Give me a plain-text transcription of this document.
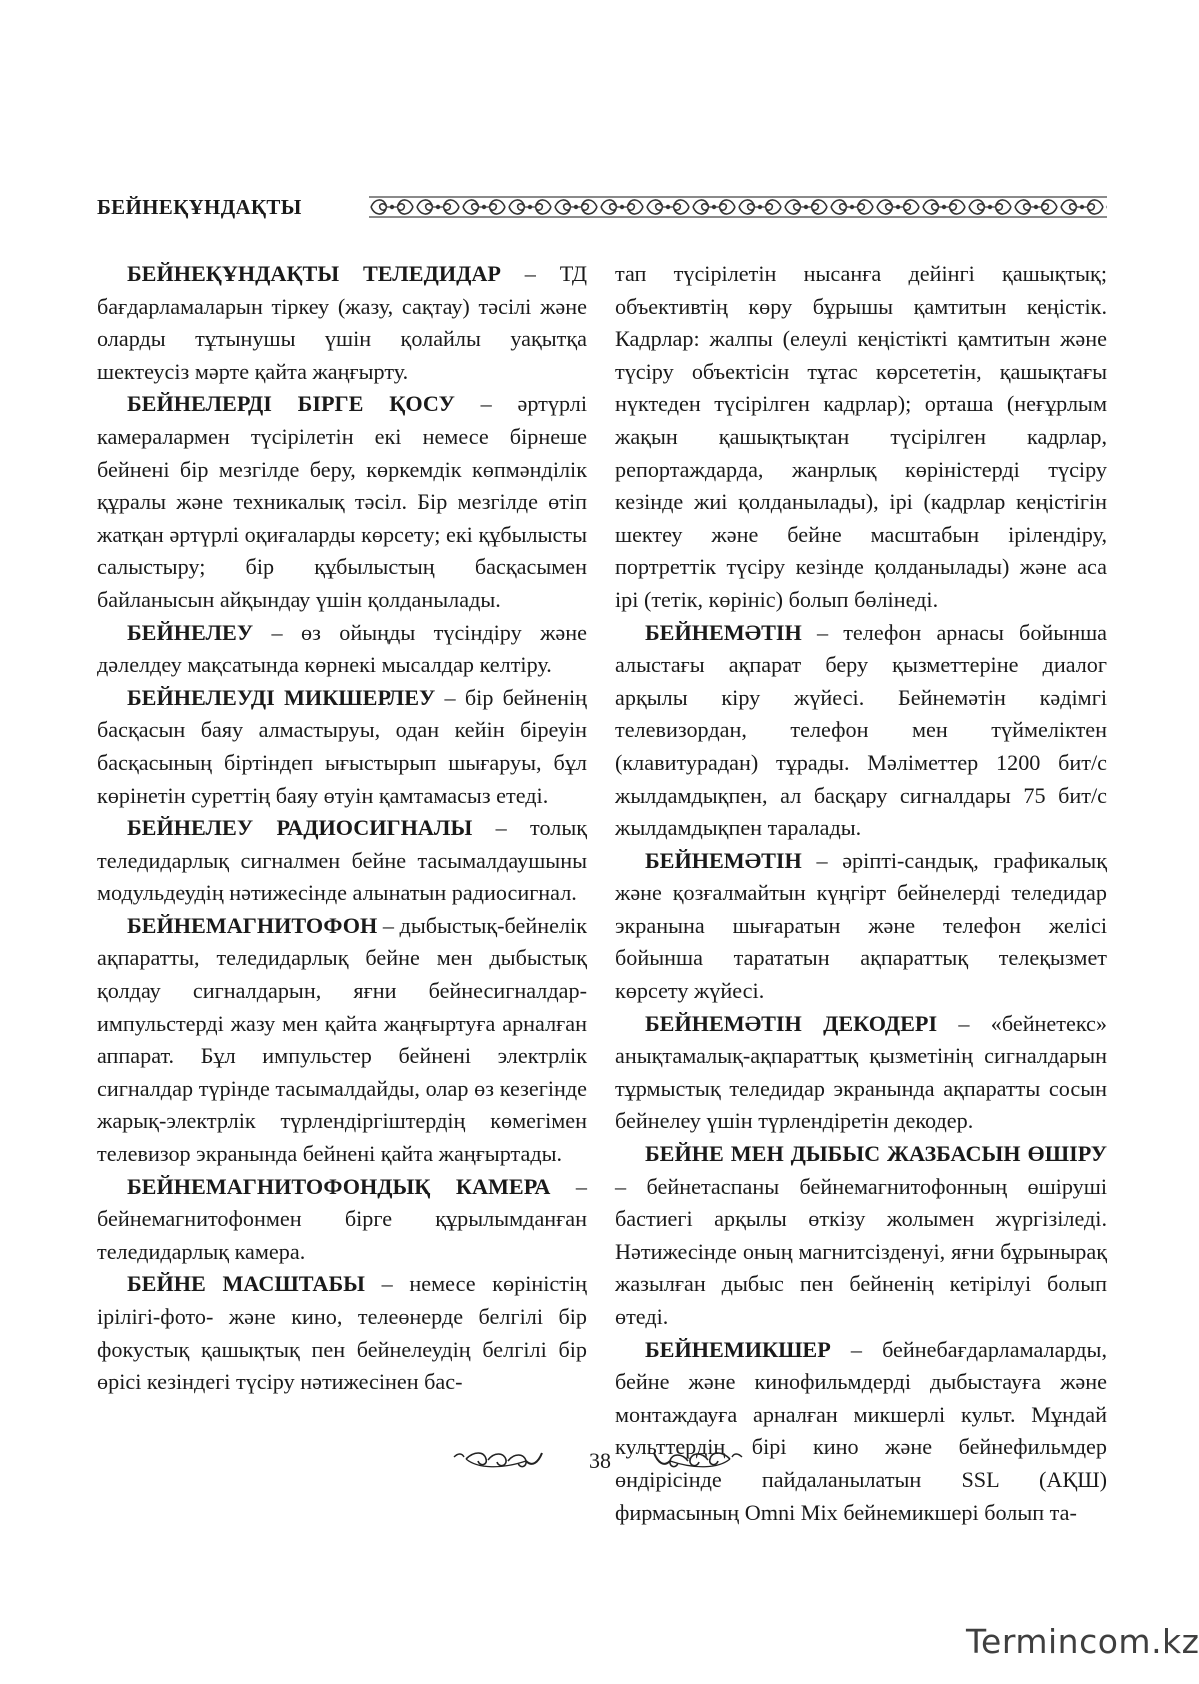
БЕЙНЕҚҰНДАҚТЫ

БЕЙНЕҚҰНДАҚТЫ ТЕЛЕДИДАР – ТД бағдарламаларын тіркеу (жазу, сақтау) тәсілі және оларды тұтынушы үшін қолайлы уақытқа шектеусіз мәрте қайта жаңғырту.

БЕЙНЕЛЕРДІ БІРГЕ ҚОСУ – әртүрлі камералармен түсірілетін екі немесе бірнеше бейнені бір мезгілде беру, көркемдік көпмәнділік құралы және техникалық тәсіл. Бір мезгілде өтіп жатқан әртүрлі оқиғаларды көрсету; екі құбылысты салыстыру; бір құбылыстың басқасымен байланысын айқындау үшін қолданылады.

БЕЙНЕЛЕУ – өз ойыңды түсіндіру және дәлелдеу мақсатында көрнекі мысалдар келтіру.

БЕЙНЕЛЕУДІ МИКШЕРЛЕУ – бір бейненің басқасын баяу алмастыруы, одан кейін біреуін басқасының біртіндеп ығыстырып шығаруы, бұл көрінетін суреттің баяу өтуін қамтамасыз етеді.

БЕЙНЕЛЕУ РАДИОСИГНАЛЫ – толық теледидарлық сигналмен бейне тасымалдаушыны модульдеудің нәтижесінде алынатын радиосигнал.

БЕЙНЕМАГНИТОФОН – дыбыстық-бейнелік ақпаратты, теледидарлық бейне мен дыбыстық қолдау сигналдарын, яғни бейнесигналдар-импульстерді жазу мен қайта жаңғыртуға арналған аппарат. Бұл импульстер бейнені электрлік сигналдар түрінде тасымалдайды, олар өз кезегінде жарық-электрлік түрлендіргіштердің көмегімен телевизор экранында бейнені қайта жаңғыртады.

БЕЙНЕМАГНИТОФОНДЫҚ КАМЕРА – бейнемагнитофонмен бірге құрылымданған теледидарлық камера.

БЕЙНЕ МАСШТАБЫ – немесе көріністің ірілігі-фото- және кино, телеөнерде белгілі бір фокустық қашықтық пен бейнелеудің белгілі бір өрісі кезіндегі түсіру нәтижесінен бас-

тап түсірілетін нысанға дейінгі қашықтық; объективтің көру бұрышы қамтитын кеңістік. Кадрлар: жалпы (елеулі кеңістікті қамтитын және түсіру объектісін тұтас көрсететін, қашықтағы нүктеден түсірілген кадрлар); орташа (неғұрлым жақын қашықтықтан түсірілген кадрлар, репортаждарда, жанрлық көріністерді түсіру кезінде жиі қолданылады), ірі (кадрлар кеңістігін шектеу және бейне масштабын ірілендіру, портреттік түсіру кезінде қолданылады) және аса ірі (тетік, көрініс) болып бөлінеді.

БЕЙНЕМӘТІН – телефон арнасы бойынша алыстағы ақпарат беру қызметтеріне диалог арқылы кіру жүйесі. Бейнемәтін кәдімгі телевизордан, телефон мен түймеліктен (клавитурадан) тұрады. Мәліметтер 1200 бит/с жылдамдықпен, ал басқару сигналдары 75 бит/с жылдамдықпен таралады.

БЕЙНЕМӘТІН – әріпті-сандық, графикалық және қозғалмайтын күңгірт бейнелерді теледидар экранына шығаратын және телефон желісі бойынша тарататын ақпараттық телеқызмет көрсету жүйесі.

БЕЙНЕМӘТІН ДЕКОДЕРІ – «бейнетекс» анықтамалық-ақпараттық қызметінің сигналдарын тұрмыстық теледидар экранында ақпаратты сосын бейнелеу үшін түрлендіретін декодер.

БЕЙНЕ МЕН ДЫБЫС ЖАЗБАСЫН ӨШІРУ – бейнетаспаны бейнемагнитофонның өшіруші бастиегі арқылы өткізу жолымен жүргізіледі. Нәтижесінде оның магнитсізденуі, яғни бұрынырақ жазылған дыбыс пен бейненің кетірілуі болып өтеді.

БЕЙНЕМИКШЕР – бейнебағдарламаларды, бейне және кинофильмдерді дыбыстауға және монтаждауға арналған микшерлі культ. Мұндай культтердің бірі кино және бейнефильмдер өндірісінде пайдаланылатын SSL (АҚШ) фирмасының Omni Mix бейнемикшері болып та-

38
Termincom.kz
